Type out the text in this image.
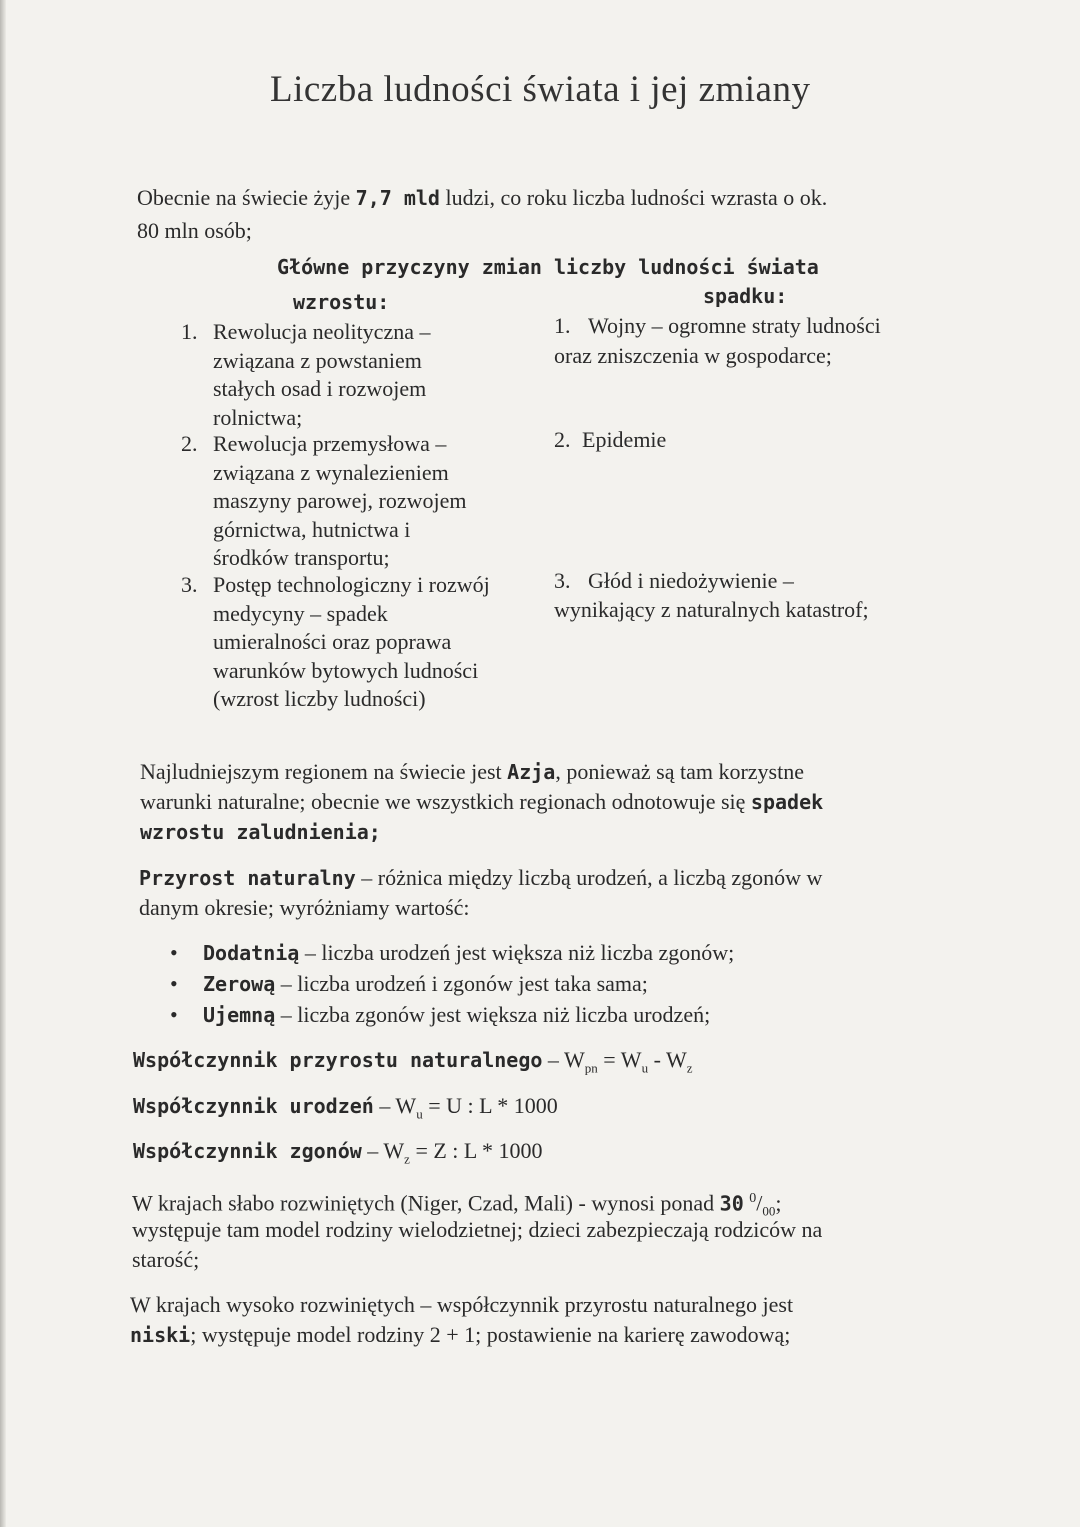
Liczba ludności świata i jej zmiany
Obecnie na świecie żyje 7,7 mld ludzi, co roku liczba ludności wzrasta o ok.
80 mln osób;
Główne przyczyny zmian liczby ludności świata
wzrostu:	spadku:
1. Rewolucja neolityczna –
związana z powstaniem
stałych osad i rozwojem
rolnictwa;
2. Rewolucja przemysłowa –
związana z wynalezieniem
maszyny parowej, rozwojem
górnictwa, hutnictwa i
środków transportu;
3. Postęp technologiczny i rozwój
medycyny – spadek
umieralności oraz poprawa
warunków bytowych ludności
(wzrost liczby ludności)
1. Wojny – ogromne straty ludności
oraz zniszczenia w gospodarce;
2. Epidemie
3. Głód i niedożywienie –
wynikający z naturalnych katastrof;
Najludniejszym regionem na świecie jest Azja, ponieważ są tam korzystne
warunki naturalne; obecnie we wszystkich regionach odnotowuje się spadek
wzrostu zaludnienia;
Przyrost naturalny – różnica między liczbą urodzeń, a liczbą zgonów w
danym okresie; wyróżniamy wartość:
• Dodatnią – liczba urodzeń jest większa niż liczba zgonów;
• Zerową – liczba urodzeń i zgonów jest taka sama;
• Ujemną – liczba zgonów jest większa niż liczba urodzeń;
Współczynnik przyrostu naturalnego – $W_{pn} = W_u - W_z$
Współczynnik urodzeń – $W_u = U$ : L * 1000
Współczynnik zgonów – $W_z = Z$ : L * 1000
W krajach słabo rozwiniętych (Niger, Czad, Mali) - wynosi ponad 30 $^0/_{00}$;
występuje tam model rodziny wielodzietnej; dzieci zabezpieczają rodziców na
starość;
W krajach wysoko rozwiniętych – współczynnik przyrostu naturalnego jest
niski; występuje model rodziny 2 + 1; postawienie na karierę zawodową;
